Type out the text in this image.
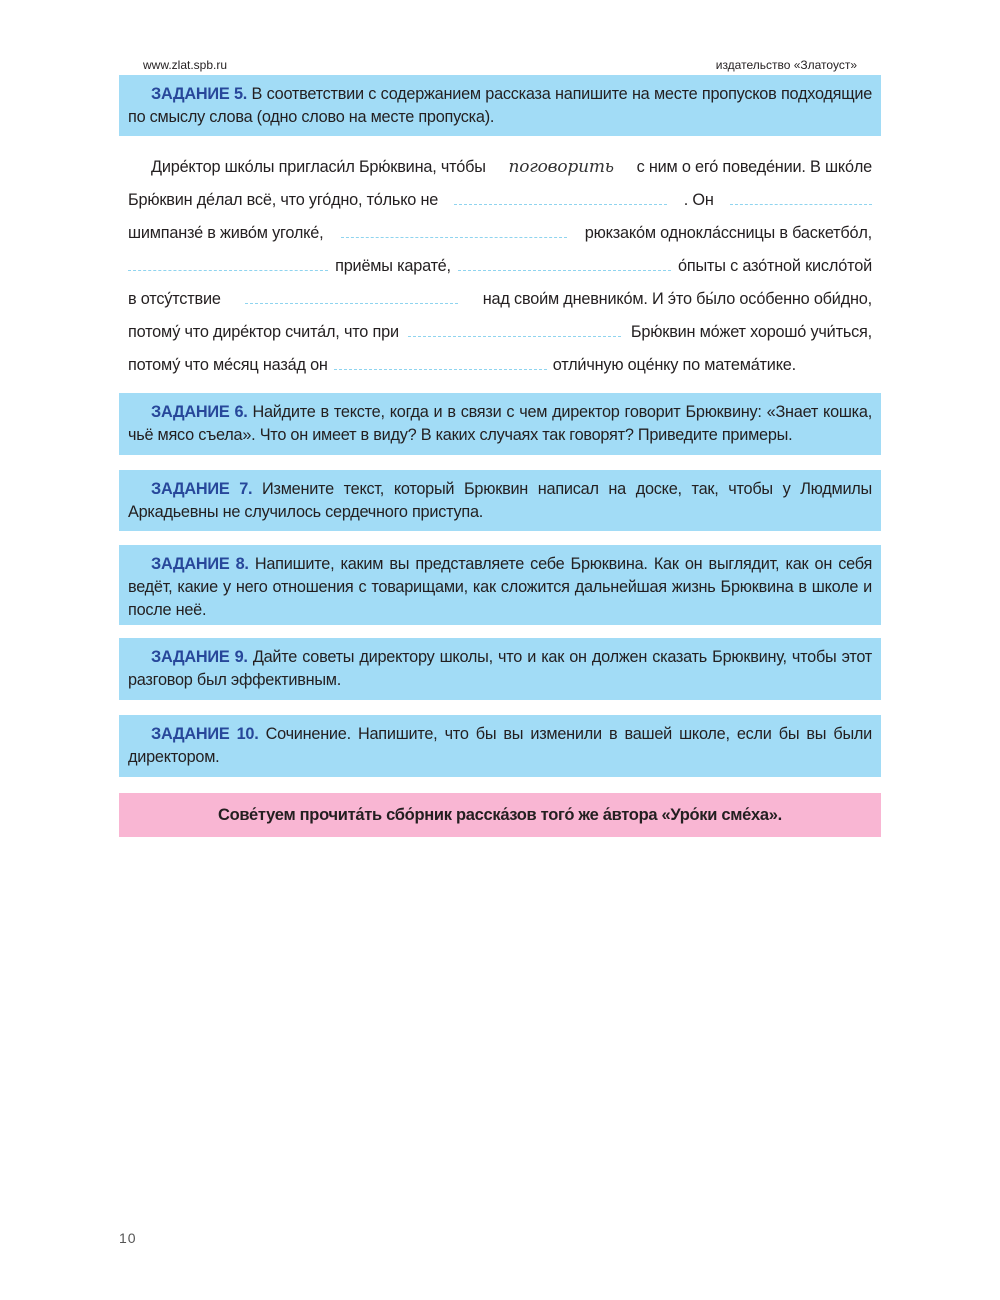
www.zlat.spb.ru	издательство «Златоуст»

ЗАДАНИЕ 5. В соответствии с содержанием рассказа напишите на месте пропусков подходящие по смыслу слова (одно слово на месте пропуска).

Дире́ктор шко́лы пригласи́л Брю́квина, что́бы поговорить с ним о его́ поведе́нии. В шко́ле
Брю́квин де́лал всё, что уго́дно, то́лько не	. Он
шимпанзе́ в живо́м уголке́,	рюкзако́м однокла́ссницы в баскетбо́л,
приёмы карате́,	о́пыты с азо́тной кисло́той
в отсу́тствие	над свои́м дневнико́м. И э́то бы́ло осо́бенно оби́дно,
потому́ что дире́ктор счита́л, что при	Брю́квин мо́жет хорошо́ учи́ться,
потому́ что ме́сяц наза́д он	отли́чную оце́нку по матема́тике.

ЗАДАНИЕ 6. Найдите в тексте, когда и в связи с чем директор говорит Брюквину: «Знает кошка, чьё мясо съела». Что он имеет в виду? В каких случаях так говорят? Приведите примеры.

ЗАДАНИЕ 7. Измените текст, который Брюквин написал на доске, так, чтобы у Людмилы Аркадьевны не случилось сердечного приступа.

ЗАДАНИЕ 8. Напишите, каким вы представляете себе Брюквина. Как он выглядит, как он себя ведёт, какие у него отношения с товарищами, как сложится дальнейшая жизнь Брюквина в школе и после неё.

ЗАДАНИЕ 9. Дайте советы директору школы, что и как он должен сказать Брюквину, чтобы этот разговор был эффективным.

ЗАДАНИЕ 10. Сочинение. Напишите, что бы вы изменили в вашей школе, если бы вы были директором.

Сове́туем прочита́ть сбо́рник расска́зов того́ же а́втора «Уро́ки сме́ха».
10
